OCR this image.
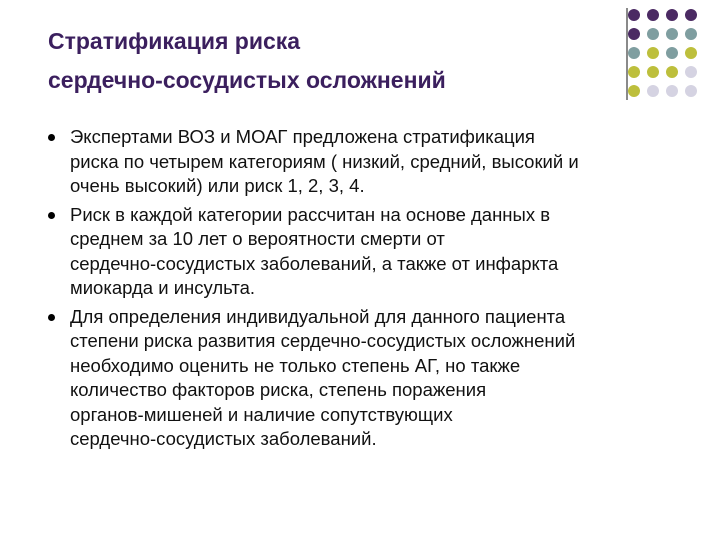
Стратификация риска
сердечно-сосудистых осложнений
Экспертами ВОЗ и МОАГ предложена стратификация
риска по четырем категориям ( низкий, средний, высокий и
очень высокий) или риск 1, 2, 3, 4.
Риск в каждой категории рассчитан на основе данных в
среднем за 10 лет о вероятности смерти от
сердечно-сосудистых заболеваний, а также от инфаркта
миокарда и инсульта.
Для определения индивидуальной для данного пациента
степени риска развития сердечно-сосудистых осложнений
необходимо оценить не только степень АГ, но также
количество факторов риска, степень поражения
органов-мишеней и наличие сопутствующих
сердечно-сосудистых заболеваний.
